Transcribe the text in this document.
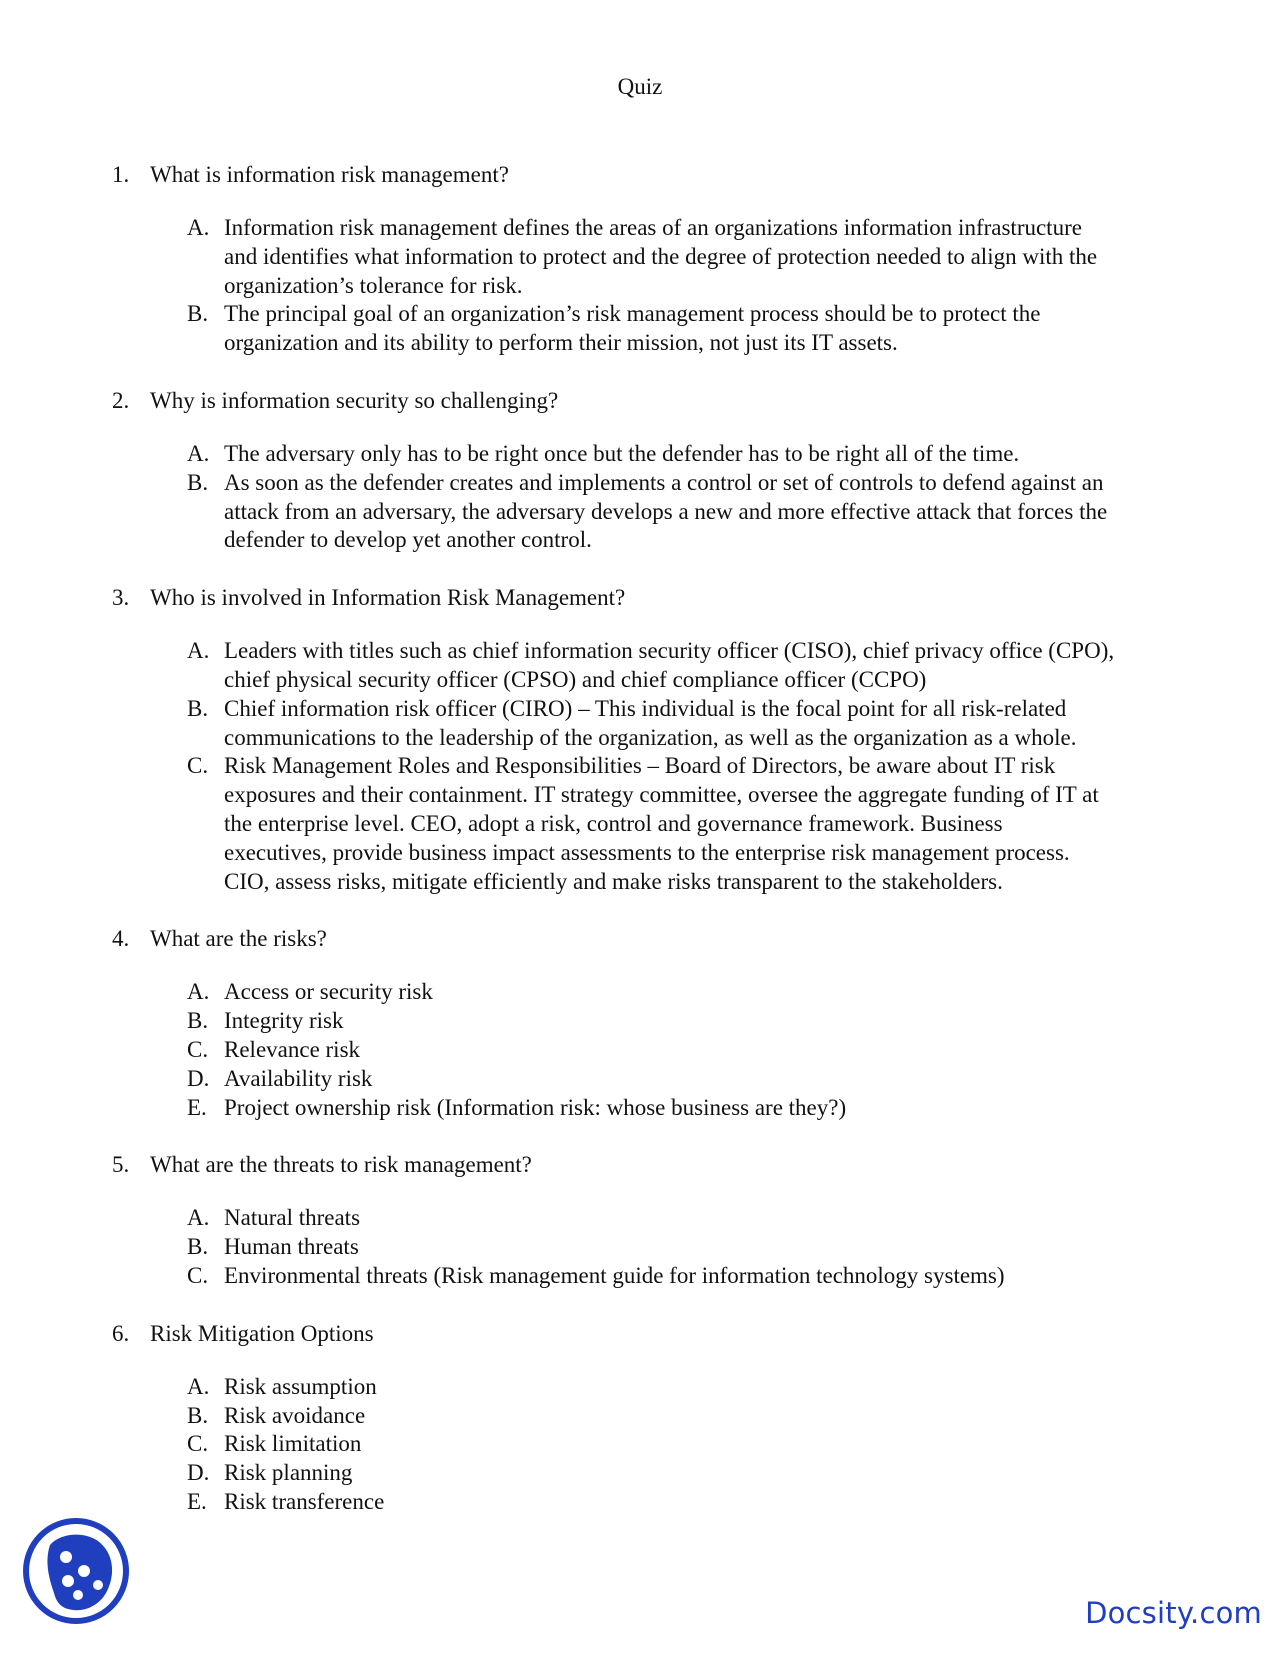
Quiz
1. What is information risk management?
A. Information risk management defines the areas of an organizations information infrastructure
and identifies what information to protect and the degree of protection needed to align with the
organization’s tolerance for risk.
B. The principal goal of an organization’s risk management process should be to protect the
organization and its ability to perform their mission, not just its IT assets.
2. Why is information security so challenging?
A. The adversary only has to be right once but the defender has to be right all of the time.
B. As soon as the defender creates and implements a control or set of controls to defend against an
attack from an adversary, the adversary develops a new and more effective attack that forces the
defender to develop yet another control.
3. Who is involved in Information Risk Management?
A. Leaders with titles such as chief information security officer (CISO), chief privacy office (CPO),
chief physical security officer (CPSO) and chief compliance officer (CCPO)
B. Chief information risk officer (CIRO) – This individual is the focal point for all risk-related
communications to the leadership of the organization, as well as the organization as a whole.
C. Risk Management Roles and Responsibilities – Board of Directors, be aware about IT risk
exposures and their containment. IT strategy committee, oversee the aggregate funding of IT at
the enterprise level. CEO, adopt a risk, control and governance framework. Business
executives, provide business impact assessments to the enterprise risk management process.
CIO, assess risks, mitigate efficiently and make risks transparent to the stakeholders.
4. What are the risks?
A. Access or security risk
B. Integrity risk
C. Relevance risk
D. Availability risk
E. Project ownership risk (Information risk: whose business are they?)
5. What are the threats to risk management?
A. Natural threats
B. Human threats
C. Environmental threats (Risk management guide for information technology systems)
6. Risk Mitigation Options
A. Risk assumption
B. Risk avoidance
C. Risk limitation
D. Risk planning
E. Risk transference
Docsity.com
